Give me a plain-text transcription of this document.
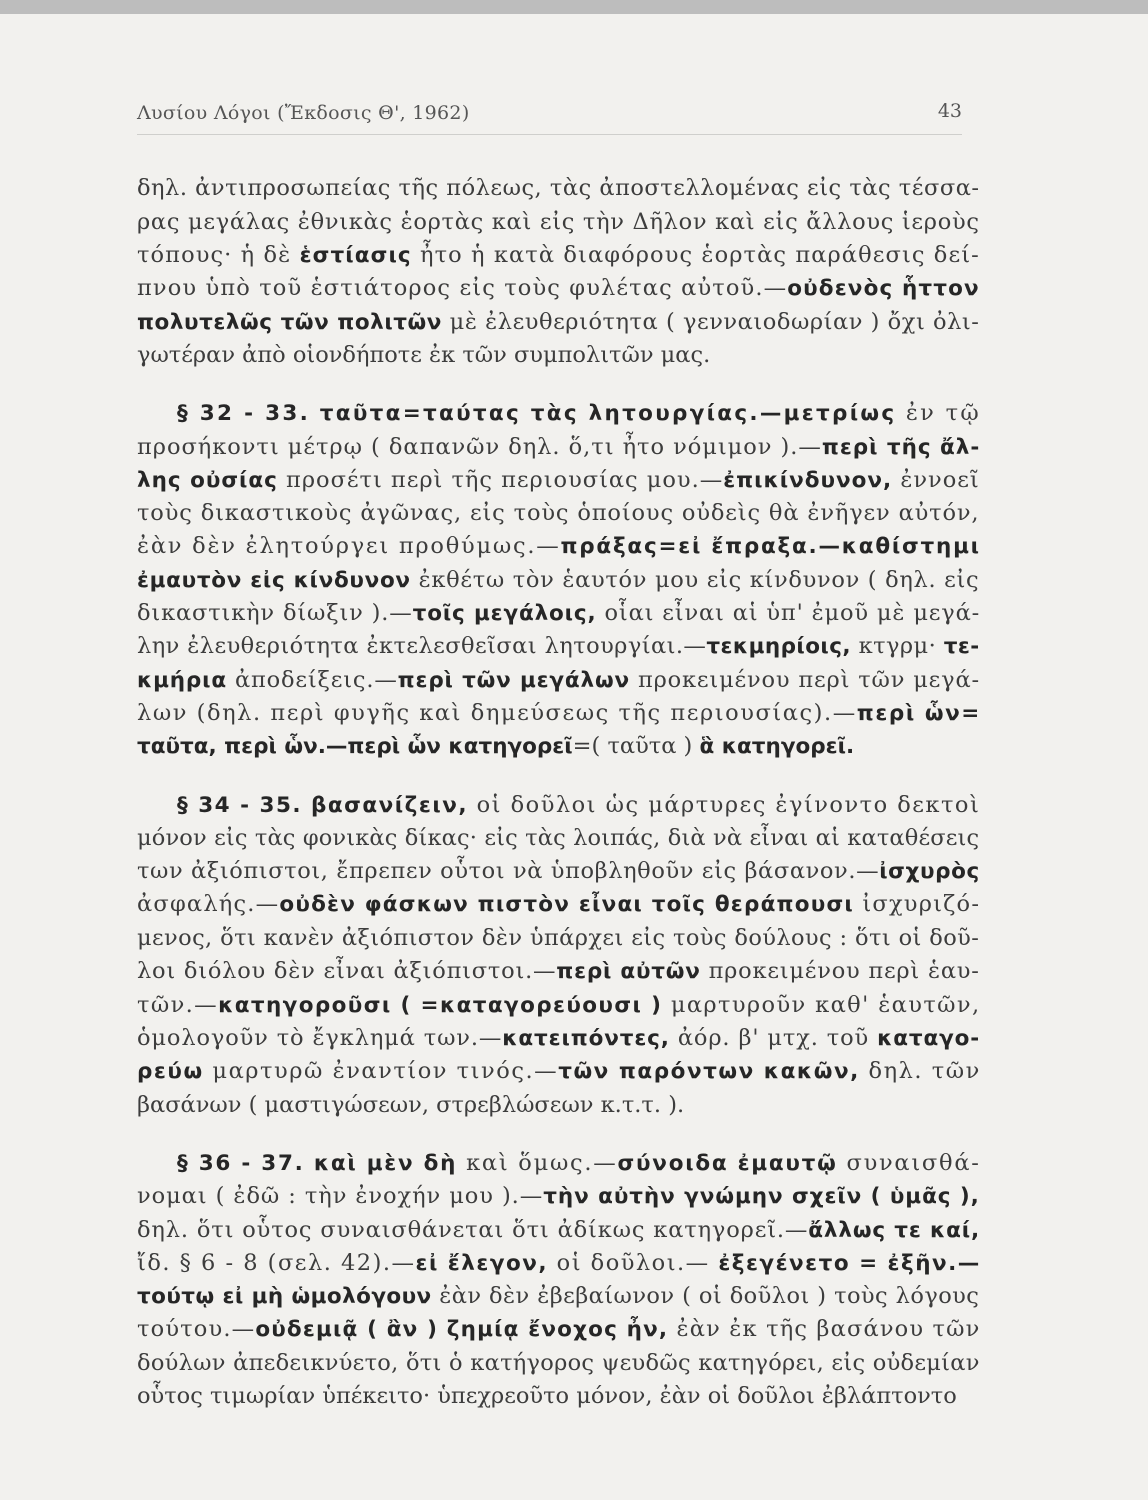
Λυσίου Λόγοι (Ἔκδοσις Θ', 1962)	43
δηλ. ἀντιπροσωπείας τῆς πόλεως, τὰς ἀποστελλομένας εἰς τὰς τέσσα-
ρας μεγάλας ἐθνικὰς ἑορτὰς καὶ εἰς τὴν Δῆλον καὶ εἰς ἄλλους ἱεροὺς
τόπους· ἡ δὲ ἑστίασις ἦτο ἡ κατὰ διαφόρους ἑορτὰς παράθεσις δεί-
πνου ὑπὸ τοῦ ἑστιάτορος εἰς τοὺς φυλέτας αὐτοῦ.—οὐδενὸς ἧττον
πολυτελῶς τῶν πολιτῶν μὲ ἐλευθεριότητα ( γενναιοδωρίαν ) ὄχι ὀλι-
γωτέραν ἀπὸ οἱονδήποτε ἐκ τῶν συμπολιτῶν μας.
§ 32 - 33. ταῦτα=ταύτας τὰς λητουργίας.—μετρίως ἐν τῷ
προσήκοντι μέτρῳ ( δαπανῶν δηλ. ὅ,τι ἦτο νόμιμον ).—περὶ τῆς ἄλ-
λης οὐσίας προσέτι περὶ τῆς περιουσίας μου.—ἐπικίνδυνον, ἐννοεῖ
τοὺς δικαστικοὺς ἀγῶνας, εἰς τοὺς ὁποίους οὐδεὶς θὰ ἐνῆγεν αὐτόν,
ἐὰν δὲν ἐλητούργει προθύμως.—πράξας=εἰ ἔπραξα.—καθίστημι
ἐμαυτὸν εἰς κίνδυνον ἐκθέτω τὸν ἑαυτόν μου εἰς κίνδυνον ( δηλ. εἰς
δικαστικὴν δίωξιν ).—τοῖς μεγάλοις, οἷαι εἶναι αἱ ὑπ' ἐμοῦ μὲ μεγά-
λην ἐλευθεριότητα ἐκτελεσθεῖσαι λητουργίαι.—τεκμηρίοις, κτγρμ· τε-
κμήρια ἀποδείξεις.—περὶ τῶν μεγάλων προκειμένου περὶ τῶν μεγά-
λων (δηλ. περὶ φυγῆς καὶ δημεύσεως τῆς περιουσίας).—περὶ ὧν=
ταῦτα, περὶ ὧν.—περὶ ὧν κατηγορεῖ=( ταῦτα ) ἃ κατηγορεῖ.
§ 34 - 35. βασανίζειν, οἱ δοῦλοι ὡς μάρτυρες ἐγίνοντο δεκτοὶ
μόνον εἰς τὰς φονικὰς δίκας· εἰς τὰς λοιπάς, διὰ νὰ εἶναι αἱ καταθέσεις
των ἀξιόπιστοι, ἔπρεπεν οὗτοι νὰ ὑποβληθοῦν εἰς βάσανον.—ἰσχυρὸς
ἀσφαλής.—οὐδὲν φάσκων πιστὸν εἶναι τοῖς θεράπουσι ἰσχυριζό-
μενος, ὅτι κανὲν ἀξιόπιστον δὲν ὑπάρχει εἰς τοὺς δούλους : ὅτι οἱ δοῦ-
λοι διόλου δὲν εἶναι ἀξιόπιστοι.—περὶ αὐτῶν προκειμένου περὶ ἑαυ-
τῶν.—κατηγοροῦσι ( =καταγορεύουσι ) μαρτυροῦν καθ' ἑαυτῶν,
ὁμολογοῦν τὸ ἔγκλημά των.—κατειπόντες, ἀόρ. β' μτχ. τοῦ καταγο-
ρεύω μαρτυρῶ ἐναντίον τινός.—τῶν παρόντων κακῶν, δηλ. τῶν
βασάνων ( μαστιγώσεων, στρεβλώσεων κ.τ.τ. ).
§ 36 - 37. καὶ μὲν δὴ καὶ ὅμως.—σύνοιδα ἐμαυτῷ συναισθά-
νομαι ( ἐδῶ : τὴν ἐνοχήν μου ).—τὴν αὐτὴν γνώμην σχεῖν ( ὑμᾶς ),
δηλ. ὅτι οὗτος συναισθάνεται ὅτι ἀδίκως κατηγορεῖ.—ἄλλως τε καί,
ἴδ. § 6 - 8 (σελ. 42).—εἰ ἔλεγον, οἱ δοῦλοι.— ἐξεγένετο = ἐξῆν.—
τούτῳ εἰ μὴ ὡμολόγουν ἐὰν δὲν ἐβεβαίωνον ( οἱ δοῦλοι ) τοὺς λόγους
τούτου.—οὐδεμιᾷ ( ἂν ) ζημίᾳ ἔνοχος ἦν, ἐὰν ἐκ τῆς βασάνου τῶν
δούλων ἀπεδεικνύετο, ὅτι ὁ κατήγορος ψευδῶς κατηγόρει, εἰς οὐδεμίαν
οὗτος τιμωρίαν ὑπέκειτο· ὑπεχρεοῦτο μόνον, ἐὰν οἱ δοῦλοι ἐβλάπτοντο
